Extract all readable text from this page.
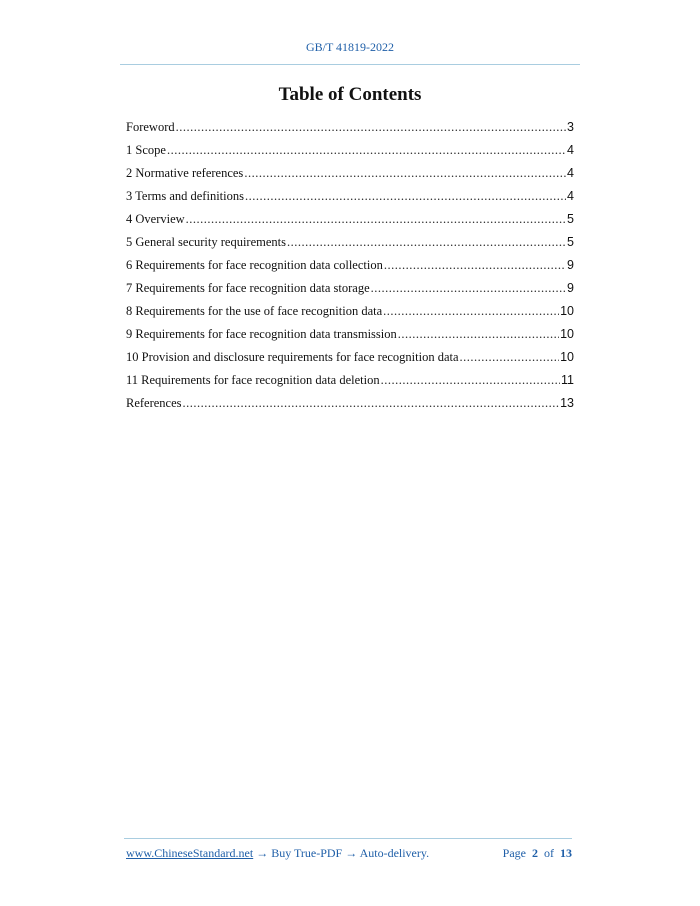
GB/T 41819-2022
Table of Contents
Foreword .....	3
1 Scope .....	4
2 Normative references .....	4
3 Terms and definitions .....	4
4 Overview .....	5
5 General security requirements .....	5
6 Requirements for face recognition data collection .....	9
7 Requirements for face recognition data storage .....	9
8 Requirements for the use of face recognition data .....	10
9 Requirements for face recognition data transmission .....	10
10 Provision and disclosure requirements for face recognition data .....	10
11 Requirements for face recognition data deletion .....	11
References .....	13
www.ChineseStandard.net → Buy True-PDF → Auto-delivery.	Page 2 of 13
